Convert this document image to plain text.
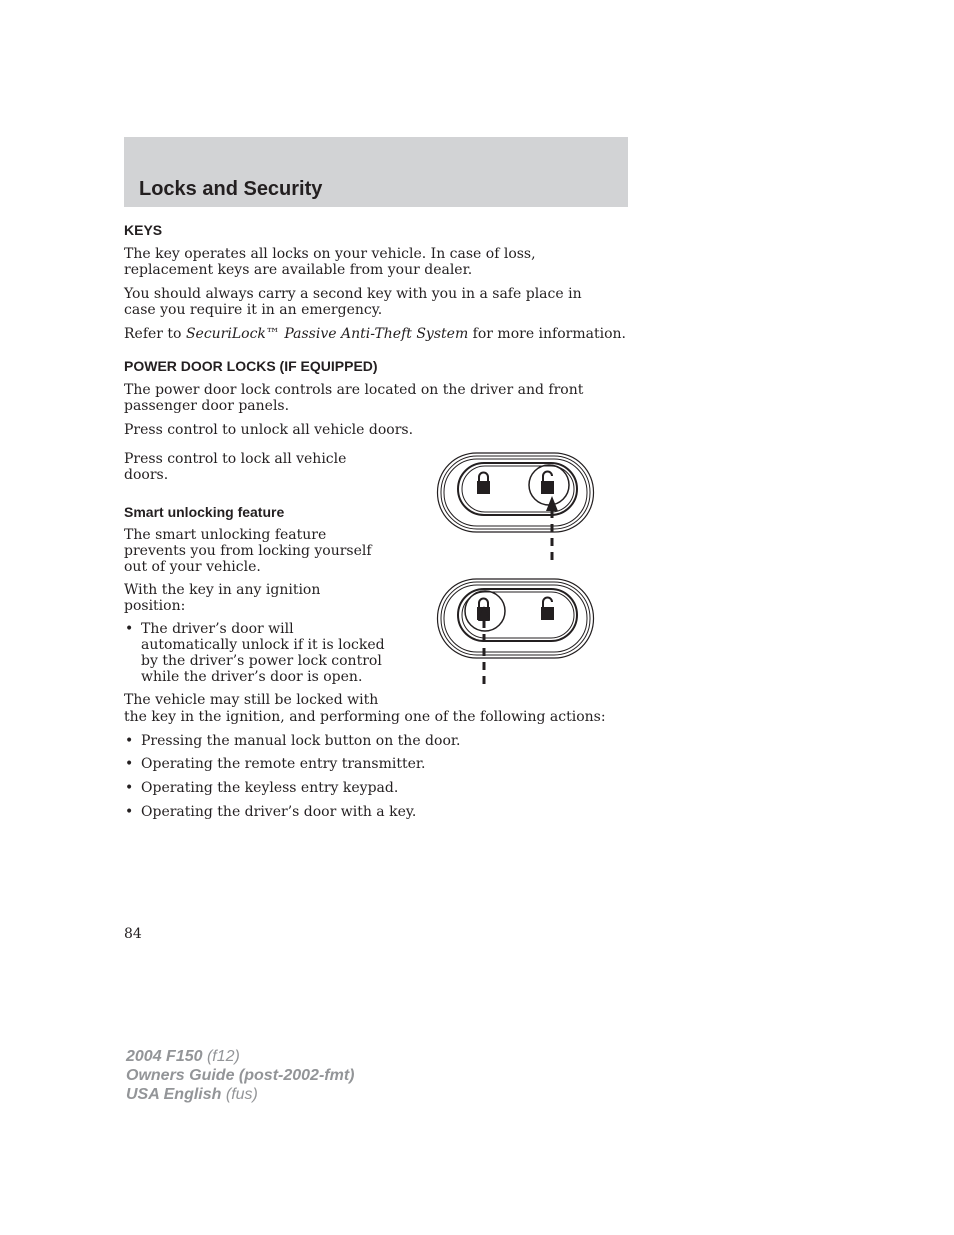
Locks and Security
KEYS

The key operates all locks on your vehicle. In case of loss, replacement keys are available from your dealer.

You should always carry a second key with you in a safe place in case you require it in an emergency.

Refer to SecuriLock™ Passive Anti-Theft System for more information.

POWER DOOR LOCKS (IF EQUIPPED)

The power door lock controls are located on the driver and front passenger door panels.

Press control to unlock all vehicle doors.

Press control to lock all vehicle doors.

Smart unlocking feature

The smart unlocking feature prevents you from locking yourself out of your vehicle.

With the key in any ignition position:

• The driver’s door will automatically unlock if it is locked by the driver’s power lock control while the driver’s door is open.

The vehicle may still be locked with

the key in the ignition, and performing one of the following actions:

• Pressing the manual lock button on the door.
• Operating the remote entry transmitter.
• Operating the keyless entry keypad.
• Operating the driver’s door with a key.

84

2004 F150 (f12)
Owners Guide (post-2002-fmt)
USA English (fus)
